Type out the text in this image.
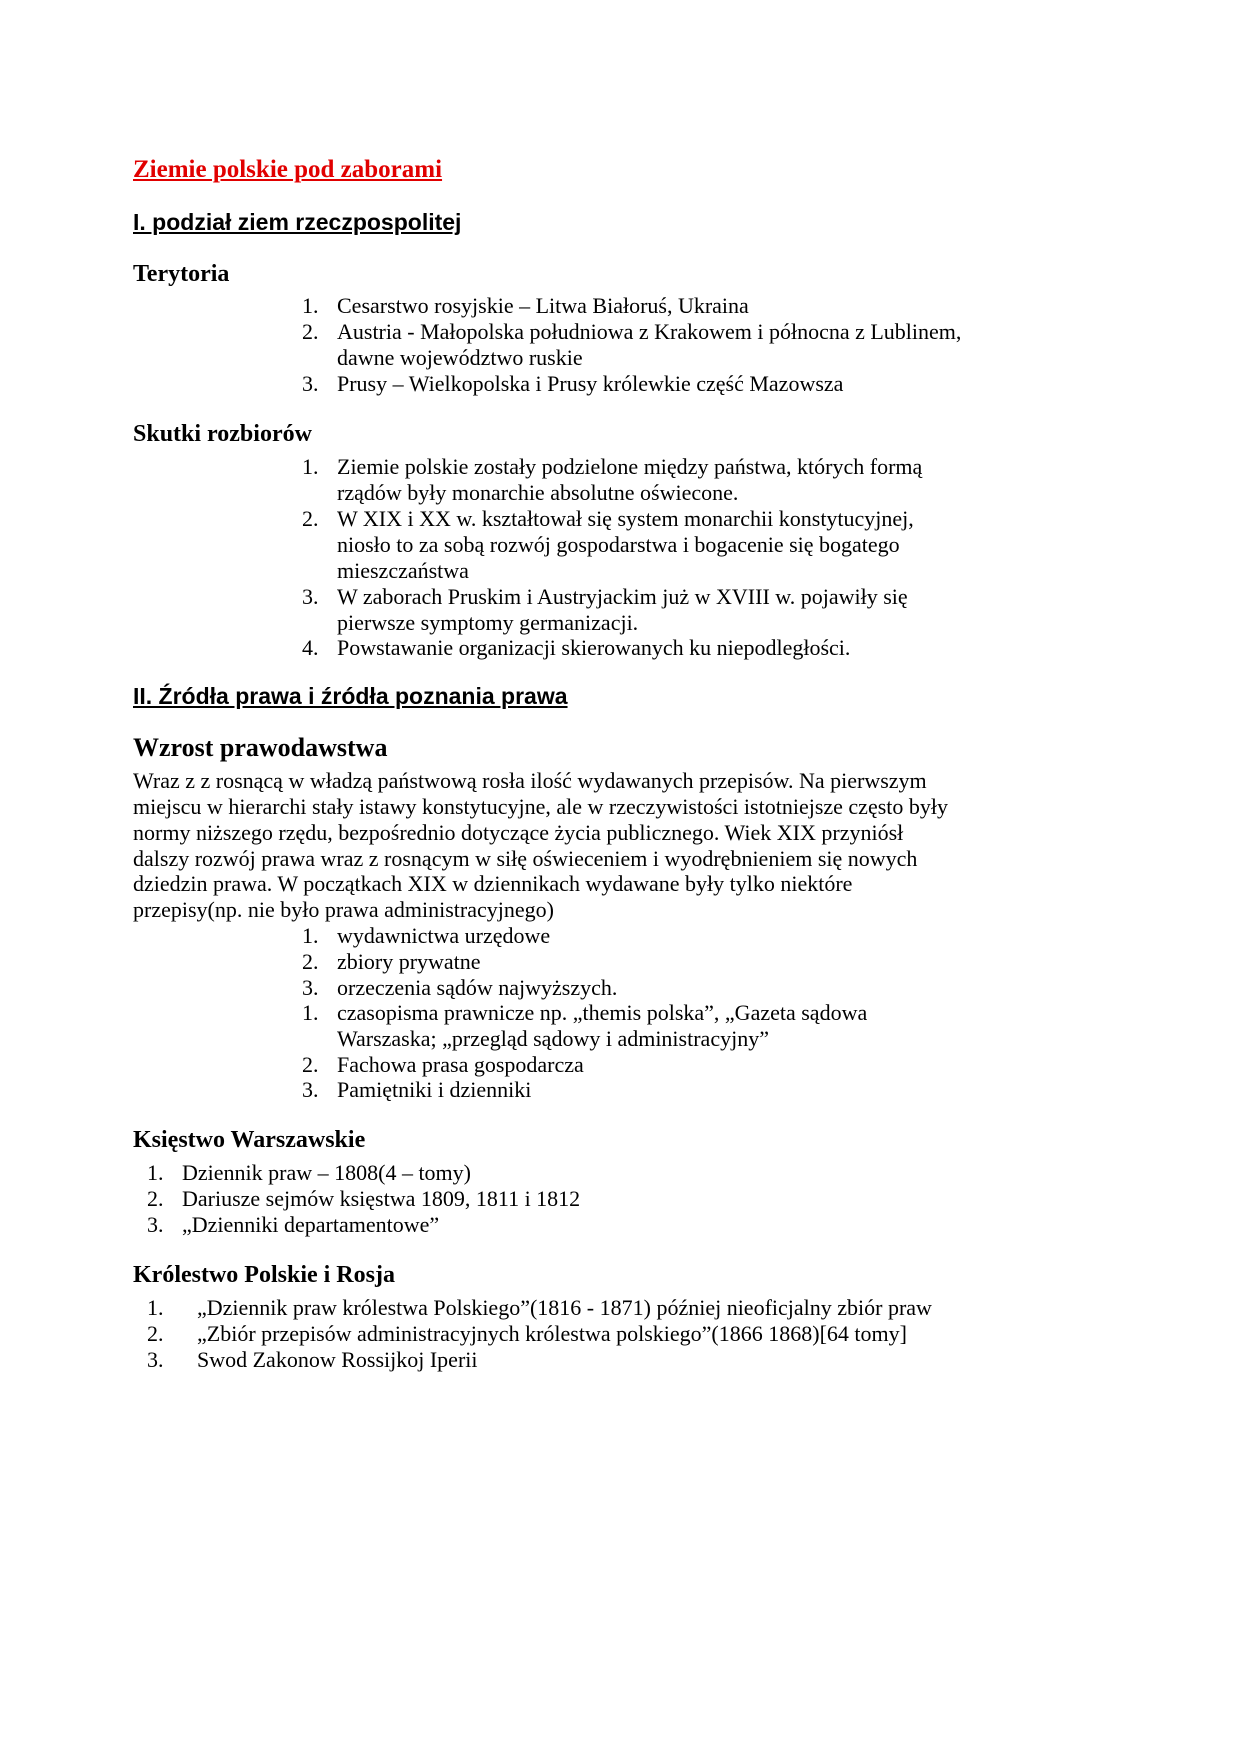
Ziemie polskie pod zaborami
I. podział ziem rzeczpospolitej
Terytoria
1. Cesarstwo rosyjskie – Litwa Białoruś, Ukraina
2. Austria - Małopolska południowa z Krakowem i północna z Lublinem,
dawne województwo ruskie
3. Prusy – Wielkopolska i Prusy królewkie część Mazowsza
Skutki rozbiorów
1. Ziemie polskie zostały podzielone między państwa, których formą
rządów były monarchie absolutne oświecone.
2. W XIX i XX w. kształtował się system monarchii konstytucyjnej,
niosło to za sobą rozwój gospodarstwa i bogacenie się bogatego
mieszczaństwa
3. W zaborach Pruskim i Austryjackim już w XVIII w. pojawiły się
pierwsze symptomy germanizacji.
4. Powstawanie organizacji skierowanych ku niepodległości.
II. Źródła prawa i źródła poznania prawa
Wzrost prawodawstwa
Wraz z z rosnącą w władzą państwową rosła ilość wydawanych przepisów. Na pierwszym
miejscu w hierarchi stały istawy konstytucyjne, ale w rzeczywistości istotniejsze często były
normy niższego rzędu, bezpośrednio dotyczące życia publicznego. Wiek XIX przyniósł
dalszy rozwój prawa wraz z rosnącym w siłę oświeceniem i wyodrębnieniem się nowych
dziedzin prawa. W początkach XIX w dziennikach wydawane były tylko niektóre
przepisy(np. nie było prawa administracyjnego)
1. wydawnictwa urzędowe
2. zbiory prywatne
3. orzeczenia sądów najwyższych.
1. czasopisma prawnicze np. „themis polska”, „Gazeta sądowa
Warszaska; „przegląd sądowy i administracyjny”
2. Fachowa prasa gospodarcza
3. Pamiętniki i dzienniki
Księstwo Warszawskie
1. Dziennik praw – 1808(4 – tomy)
2. Dariusze sejmów księstwa 1809, 1811 i 1812
3. „Dzienniki departamentowe”
Królestwo Polskie i Rosja
1. „Dziennik praw królestwa Polskiego”(1816 - 1871) później nieoficjalny zbiór praw
2. „Zbiór przepisów administracyjnych królestwa polskiego”(1866 1868)[64 tomy]
3. Swod Zakonow Rossijkoj Iperii
